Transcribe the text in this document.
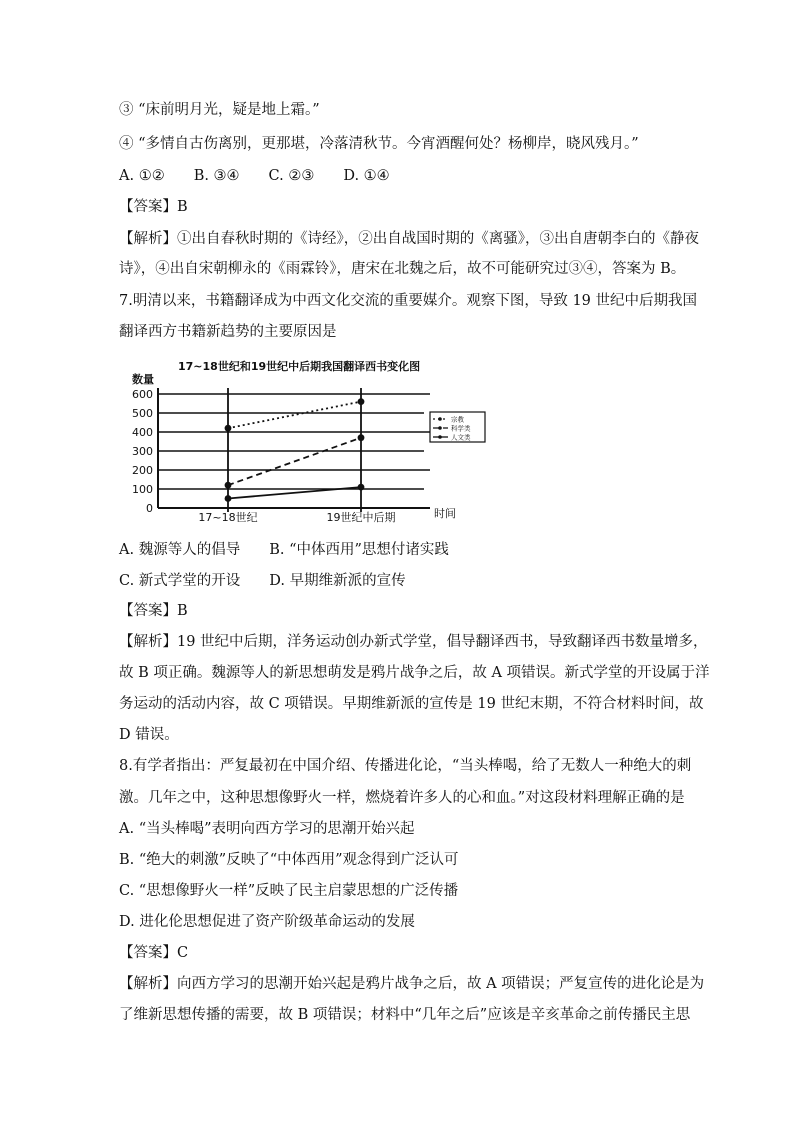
③ “床前明月光，疑是地上霜。”
④ “多情自古伤离别，更那堪，冷落清秋节。今宵酒醒何处？杨柳岸，晓风残月。”
A. ①②　　B. ③④　　C. ②③　　D. ①④
【答案】B
【解析】①出自春秋时期的《诗经》，②出自战国时期的《离骚》，③出自唐朝李白的《静夜
诗》，④出自宋朝柳永的《雨霖铃》，唐宋在北魏之后，故不可能研究过③④，答案为 B。
7.明清以来，书籍翻译成为中西文化交流的重要媒介。观察下图，导致 19 世纪中后期我国
翻译西方书籍新趋势的主要原因是
17~18世纪和19世纪中后期我国翻译西书变化图
数量
时间
600
500
400
300
200
100
0
17~18世纪	19世纪中后期
宗教
科学类
人文类
A. 魏源等人的倡导　　B. “中体西用”思想付诸实践
C. 新式学堂的开设　　D. 早期维新派的宣传
【答案】B
【解析】19 世纪中后期，洋务运动创办新式学堂，倡导翻译西书，导致翻译西书数量增多，
故 B 项正确。魏源等人的新思想萌发是鸦片战争之后，故 A 项错误。新式学堂的开设属于洋
务运动的活动内容，故 C 项错误。早期维新派的宣传是 19 世纪末期，不符合材料时间，故
D 错误。
8.有学者指出：严复最初在中国介绍、传播进化论，“当头棒喝，给了无数人一种绝大的刺
激。几年之中，这种思想像野火一样，燃烧着许多人的心和血。”对这段材料理解正确的是
A. “当头棒喝”表明向西方学习的思潮开始兴起
B. “绝大的刺激”反映了“中体西用”观念得到广泛认可
C. “思想像野火一样”反映了民主启蒙思想的广泛传播
D. 进化伦思想促进了资产阶级革命运动的发展
【答案】C
【解析】向西方学习的思潮开始兴起是鸦片战争之后，故 A 项错误；严复宣传的进化论是为
了维新思想传播的需要，故 B 项错误；材料中“几年之后”应该是辛亥革命之前传播民主思
